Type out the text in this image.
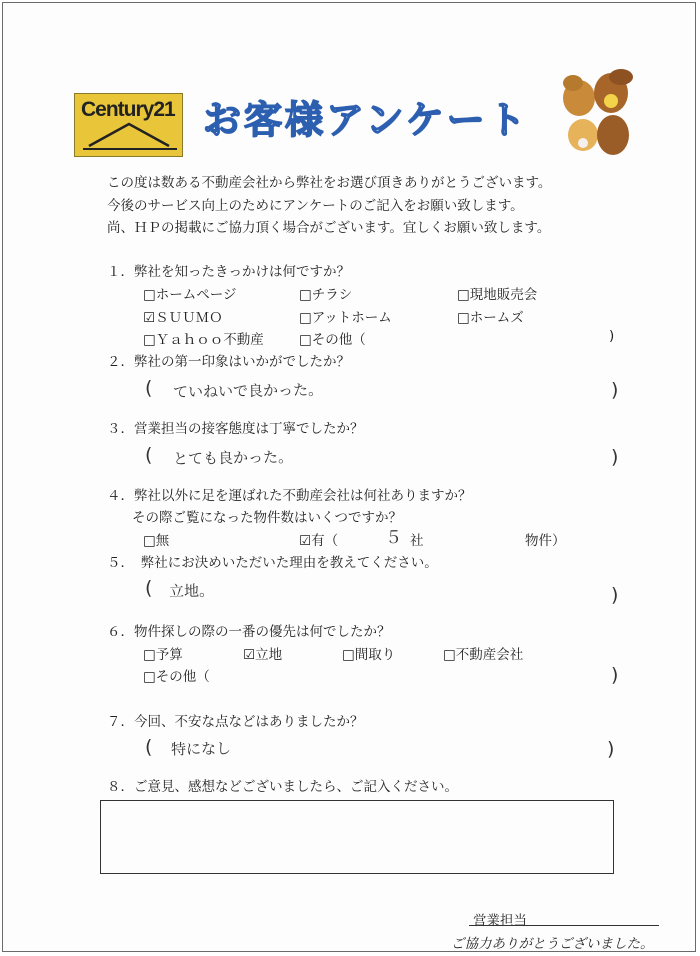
Century21 お客様アンケート
この度は数ある不動産会社から弊社をお選び頂きありがとうございます。
今後のサービス向上のためにアンケートのご記入をお願い致します。
尚、ＨＰの掲載にご協力頂く場合がございます。宜しくお願い致します。
１．弊社を知ったきっかけは何ですか？
□ホームページ	□チラシ	□現地販売会
☑ＳＵＵＭＯ	□アットホーム	□ホームズ
□Ｙａｈｏｏ不動産	□その他（	)
２．弊社の第一印象はいかがでしたか？
( ていねいで良かった。	)
３．営業担当の接客態度は丁寧でしたか？
( とても良かった。	)
４．弊社以外に足を運ばれた不動産会社は何社ありますか？
その際ご覧になった物件数はいくつですか？
□無	☑有（	５ 社	物件）
５．　弊社にお決めいただいた理由を教えてください。
( 立地。	)
６．物件探しの際の一番の優先は何でしたか？
□予算	☑立地	□間取り	□不動産会社
□その他（	)
７．今回、不安な点などはありましたか？
( 特になし	)
８．ご意見、感想などございましたら、ご記入ください。
営業担当
ご協力ありがとうございました。
